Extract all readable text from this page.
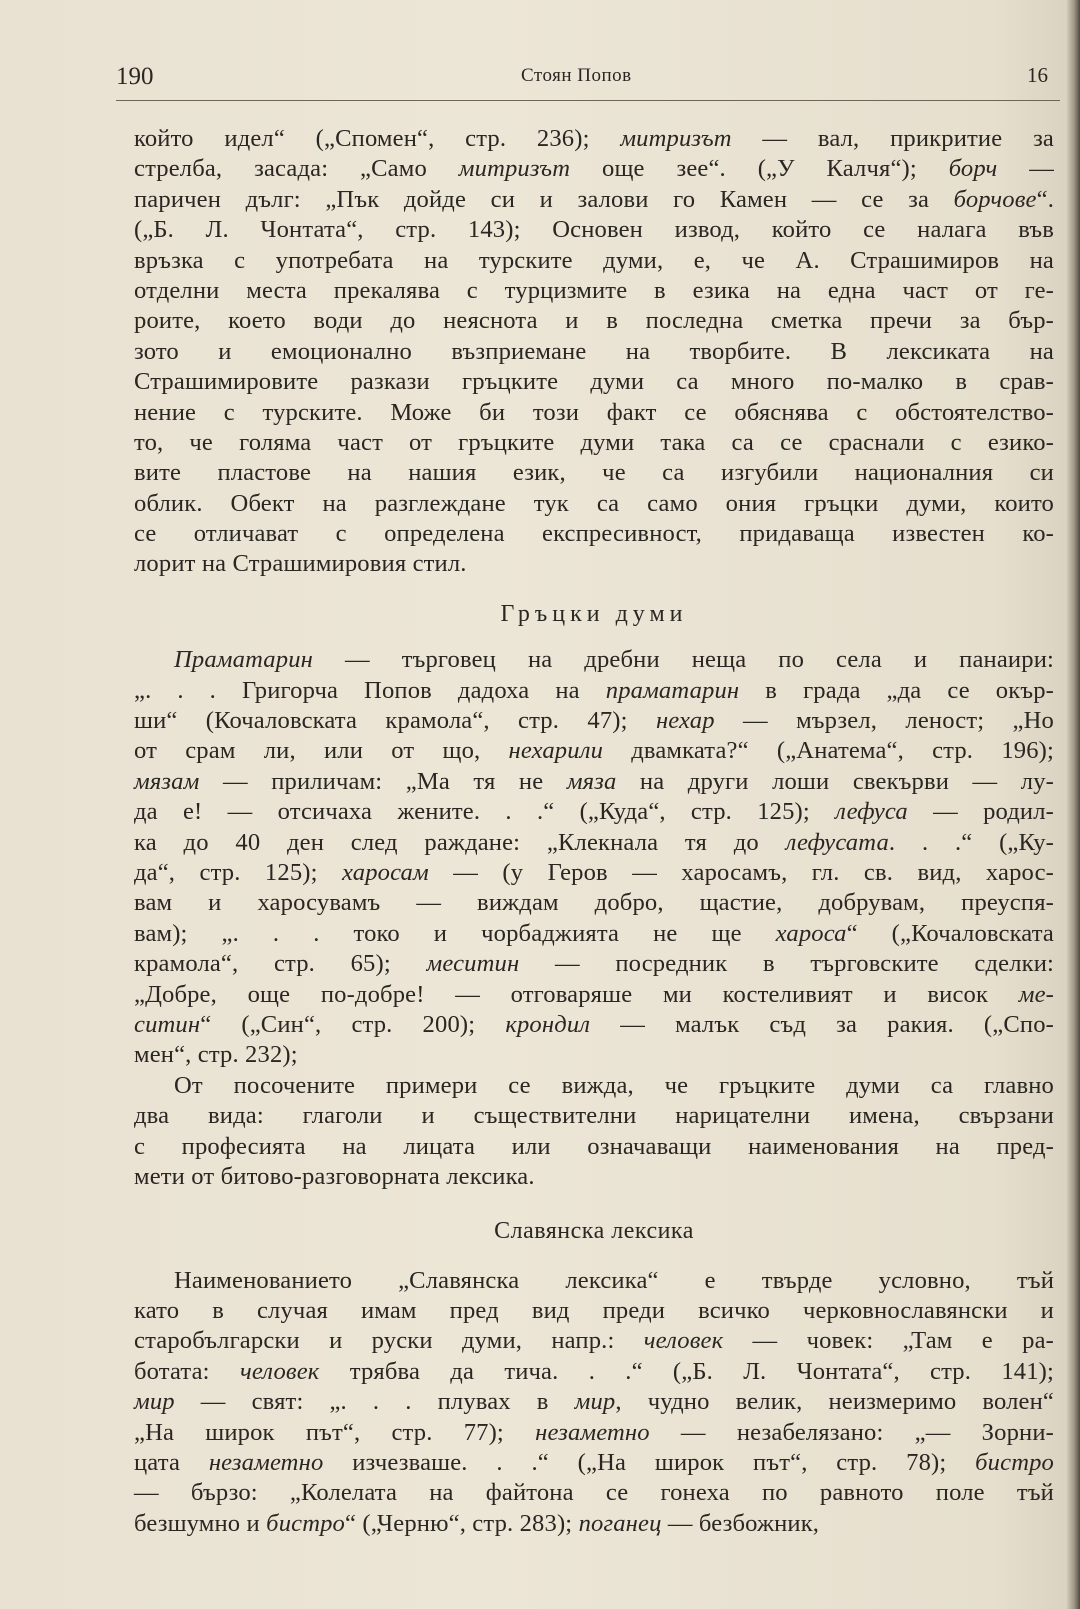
190	Стоян Попов	16
който идел“ („Спомен“, стр. 236); митризът — вал, прикритие за
стрелба, засада: „Само митризът още зее“. („У Калчя“); борч —
паричен дълг: „Пък дойде си и залови го Камен — се за борчове“.
(„Б. Л. Чонтата“, стр. 143); Основен извод, който се налага във
връзка с употребата на турските думи, е, че А. Страшимиров на
отделни места прекалява с турцизмите в езика на една част от ге-
роите, което води до неяснота и в последна сметка пречи за бър-
зото и емоционално възприемане на творбите. В лексиката на
Страшимировите разкази гръцките думи са много по-малко в срав-
нение с турските. Може би този факт се обяснява с обстоятелство-
то, че голяма част от гръцките думи така са се сраснали с езико-
вите пластове на нашия език, че са изгубили националния си
облик. Обект на разглеждане тук са само ония гръцки думи, които
се отличават с определена експресивност, придаваща известен ко-
лорит на Страшимировия стил.
Гръцки думи
Праматарин — търговец на дребни неща по села и панаири:
„. . . Григорча Попов дадоха на праматарин в града „да се окър-
ши“ (Кочаловската крамола“, стр. 47); нехар — мързел, леност; „Но
от срам ли, или от що, нехарили двамката?“ („Анатема“, стр. 196);
мязам — приличам: „Ма тя не мяза на други лоши свекърви — лу-
да е! — отсичаха жените. . .“ („Куда“, стр. 125); лефуса — родил-
ка до 40 ден след раждане: „Клекнала тя до лефусата. . .“ („Ку-
да“, стр. 125); харосам — (у Геров — харосамъ, гл. св. вид, харос-
вам и харосувамъ — виждам добро, щастие, добрувам, преуспя-
вам); „. . . токо и чорбаджията не ще хароса“ („Кочаловската
крамола“, стр. 65); меситин — посредник в търговските сделки:
„Добре, още по-добре! — отговаряше ми костеливият и висок ме-
ситин“ („Син“, стр. 200); крондил — малък съд за ракия. („Спо-
мен“, стр. 232);
От посочените примери се вижда, че гръцките думи са главно
два вида: глаголи и съществителни нарицателни имена, свързани
с професията на лицата или означаващи наименования на пред-
мети от битово-разговорната лексика.
Славянска лексика
Наименованието „Славянска лексика“ е твърде условно, тъй
като в случая имам пред вид преди всичко черковнославянски и
старобългарски и руски думи, напр.: человек — човек: „Там е ра-
ботата: человек трябва да тича. . .“ („Б. Л. Чонтата“, стр. 141);
мир — свят: „. . . плувах в мир, чудно велик, неизмеримо волен“
„На широк път“, стр. 77); незаметно — незабелязано: „— Зорни-
цата незаметно изчезваше. . .“ („На широк път“, стр. 78); бистро
— бързо: „Колелата на файтона се гонеха по равното поле тъй
безшумно и бистро“ („Черню“, стр. 283); поганец — безбожник,
